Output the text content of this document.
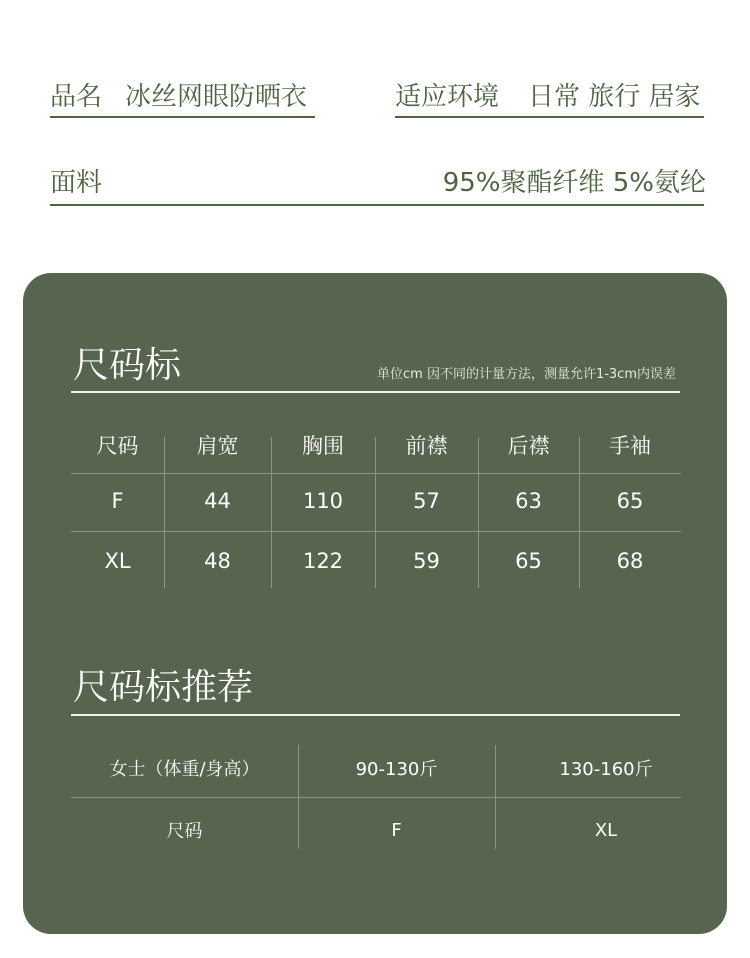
品名 冰丝网眼防晒衣	适应环境 日常 旅行 居家
面料	95%聚酯纤维 5%氨纶
尺码标	单位cm 因不同的计量方法，测量允许1-3cm内误差
尺码	肩宽	胸围	前襟	后襟	手袖
F	44	110	57	63	65
XL	48	122	59	65	68
尺码标推荐
女士（体重/身高）	90-130斤	130-160斤
尺码	F	XL
